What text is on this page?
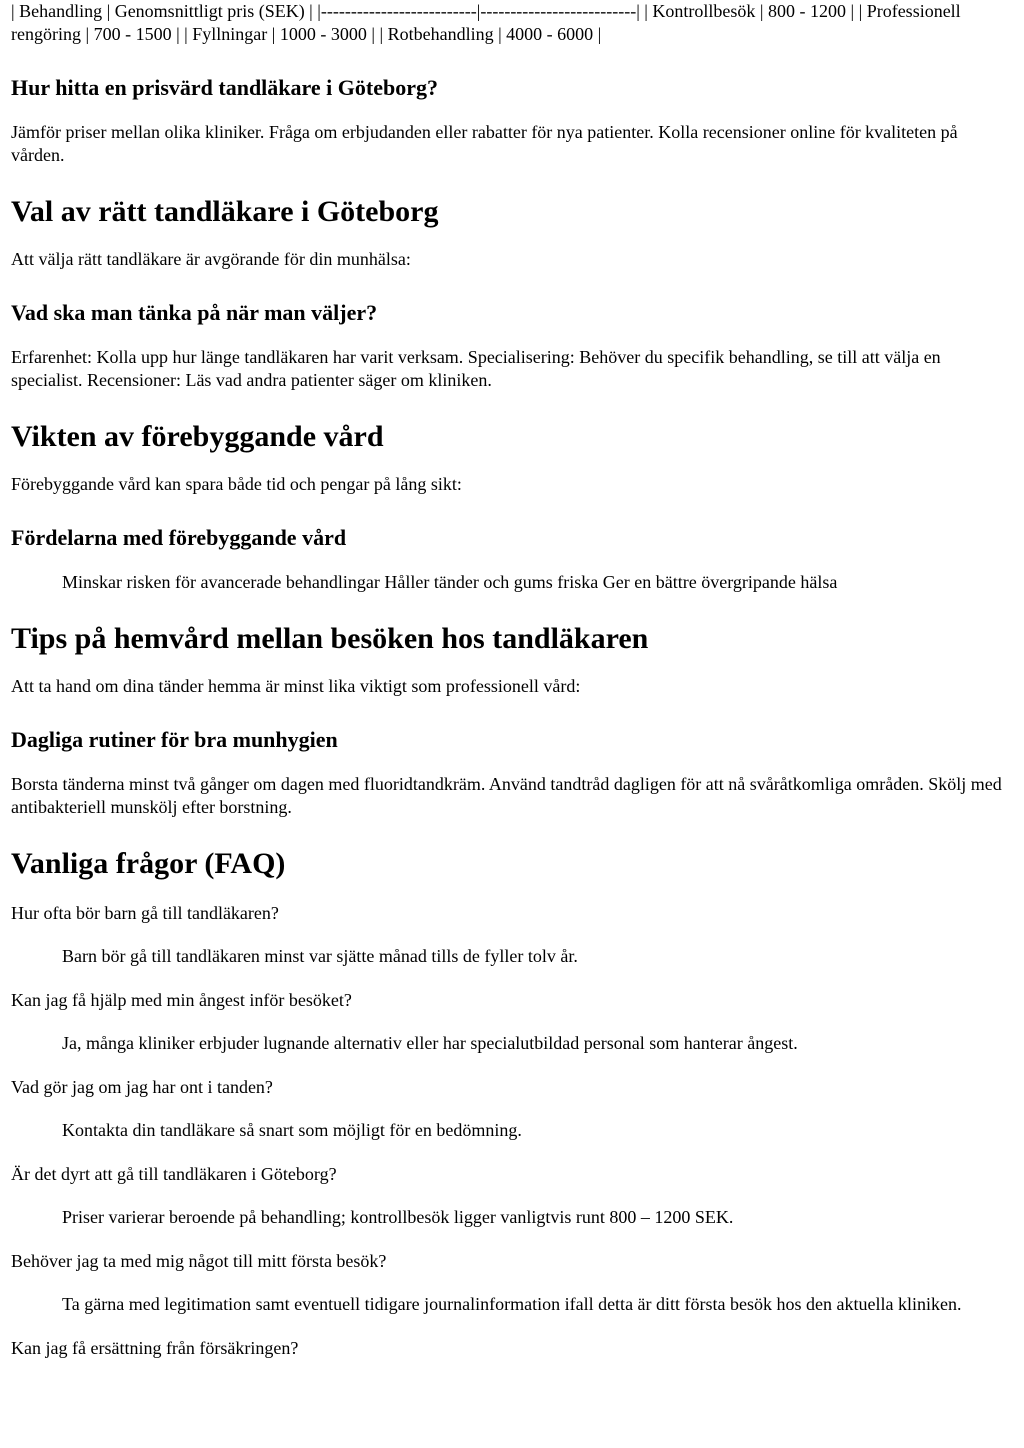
| Behandling | Genomsnittligt pris (SEK) | |--------------------------|--------------------------| | Kontrollbesök | 800 - 1200 | | Professionell rengöring | 700 - 1500 | | Fyllningar | 1000 - 3000 | | Rotbehandling | 4000 - 6000 |

Hur hitta en prisvärd tandläkare i Göteborg?

Jämför priser mellan olika kliniker. Fråga om erbjudanden eller rabatter för nya patienter. Kolla recensioner online för kvaliteten på vården.

Val av rätt tandläkare i Göteborg

Att välja rätt tandläkare är avgörande för din munhälsa:

Vad ska man tänka på när man väljer?

Erfarenhet: Kolla upp hur länge tandläkaren har varit verksam. Specialisering: Behöver du specifik behandling, se till att välja en specialist. Recensioner: Läs vad andra patienter säger om kliniken.

Vikten av förebyggande vård

Förebyggande vård kan spara både tid och pengar på lång sikt:

Fördelarna med förebyggande vård

Minskar risken för avancerade behandlingar Håller tänder och gums friska Ger en bättre övergripande hälsa

Tips på hemvård mellan besöken hos tandläkaren

Att ta hand om dina tänder hemma är minst lika viktigt som professionell vård:

Dagliga rutiner för bra munhygien

Borsta tänderna minst två gånger om dagen med fluoridtandkräm. Använd tandtråd dagligen för att nå svåråtkomliga områden. Skölj med antibakteriell munskölj efter borstning.

Vanliga frågor (FAQ)

Hur ofta bör barn gå till tandläkaren?

Barn bör gå till tandläkaren minst var sjätte månad tills de fyller tolv år.

Kan jag få hjälp med min ångest inför besöket?

Ja, många kliniker erbjuder lugnande alternativ eller har specialutbildad personal som hanterar ångest.

Vad gör jag om jag har ont i tanden?

Kontakta din tandläkare så snart som möjligt för en bedömning.

Är det dyrt att gå till tandläkaren i Göteborg?

Priser varierar beroende på behandling; kontrollbesök ligger vanligtvis runt 800 – 1200 SEK.

Behöver jag ta med mig något till mitt första besök?

Ta gärna med legitimation samt eventuell tidigare journalinformation ifall detta är ditt första besök hos den aktuella kliniken.

Kan jag få ersättning från försäkringen?
